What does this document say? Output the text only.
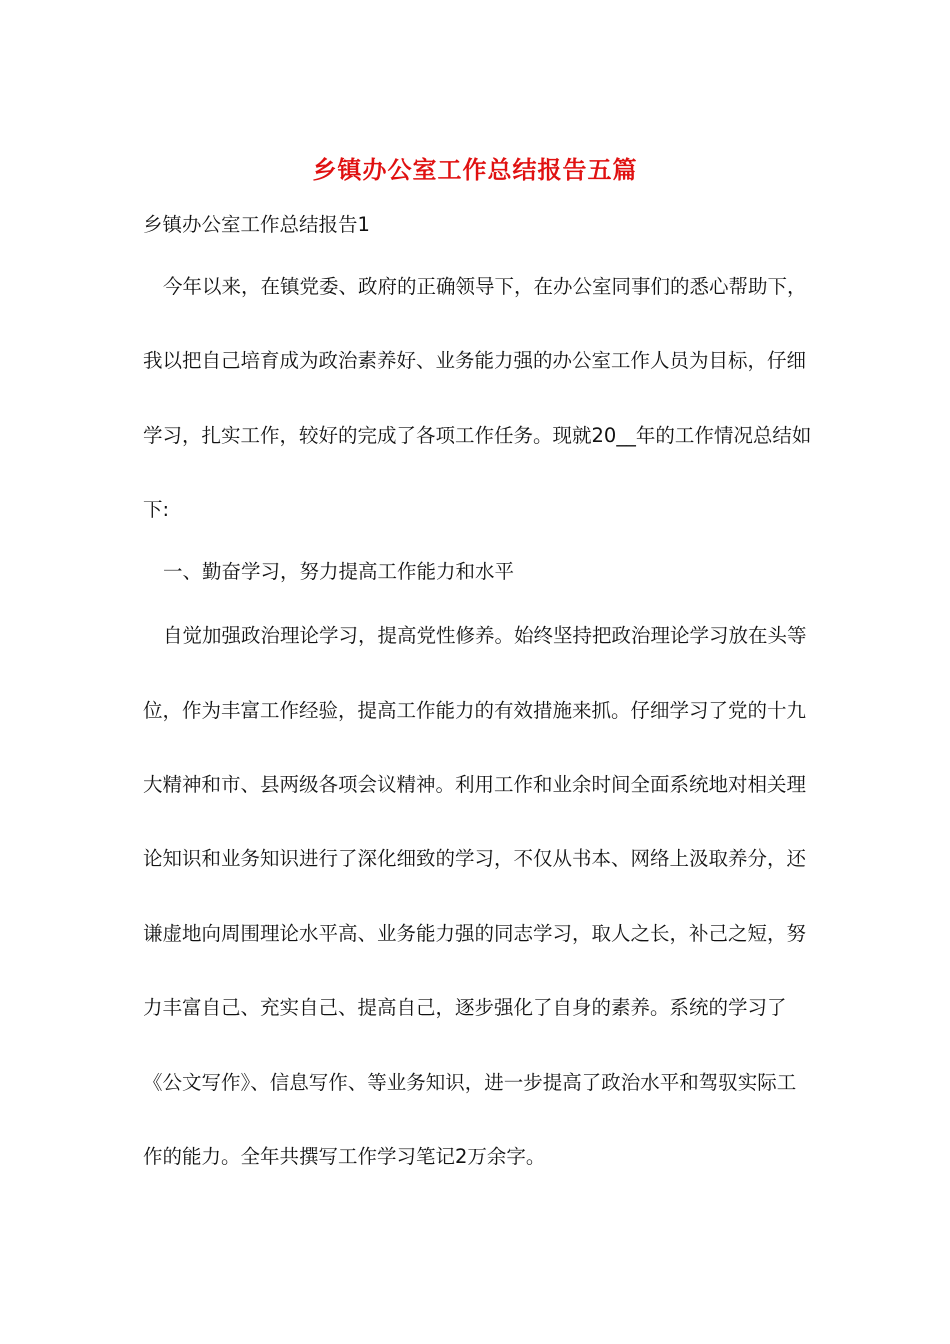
乡镇办公室工作总结报告五篇

乡镇办公室工作总结报告1

今年以来，在镇党委、政府的正确领导下，在办公室同事们的悉心帮助下，

我以把自己培育成为政治素养好、业务能力强的办公室工作人员为目标，仔细

学习，扎实工作，较好的完成了各项工作任务。现就20__年的工作情况总结如

下:

一、勤奋学习，努力提高工作能力和水平

自觉加强政治理论学习，提高党性修养。始终坚持把政治理论学习放在头等

位，作为丰富工作经验，提高工作能力的有效措施来抓。仔细学习了党的十九

大精神和市、县两级各项会议精神。利用工作和业余时间全面系统地对相关理

论知识和业务知识进行了深化细致的学习，不仅从书本、网络上汲取养分，还

谦虚地向周围理论水平高、业务能力强的同志学习，取人之长，补己之短，努

力丰富自己、充实自己、提高自己，逐步强化了自身的素养。系统的学习了

《公文写作》、信息写作、等业务知识，进一步提高了政治水平和驾驭实际工

作的能力。全年共撰写工作学习笔记2万余字。
